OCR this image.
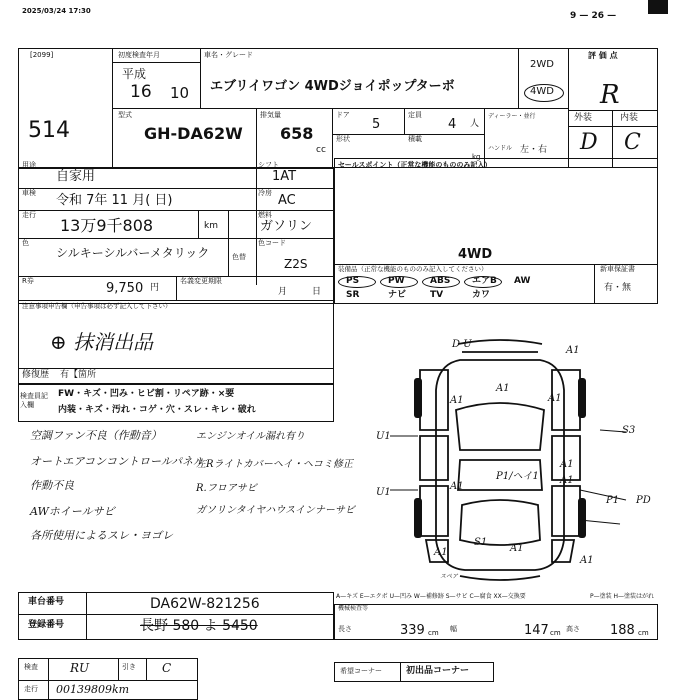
2025/03/24 17:30	9 — 26 —
[2099]
514
初度検査年月
平成
16 10
車名・グレード
エブリイワゴン 4WDジョイポップターボ
2WD
4WD
評 価 点
R
外装	内装
D C
型式
GH-DA62W
排気量
658
cc
ドア
5
定員
4 人
形状	積載
kg
ディーラー・並行
ハンドル 左・右
用途
自家用
シフト
1AT
車検 令和 7年 11 月( 日)	冷房 AC
走行
13万9千808	km
燃料
ガソリン
色
シルキーシルバーメタリック	色替
色コード
Z2S
R券	9,750 円
名義変更期限
月	日
セールスポイント（正常な機能のもののみ記入）
4WD
装備品（正常な機能のもののみ記入してください）	新車保証書
有・無
PS	PW	ABS エアB AW
SR	ナビ	TV	カワ
注意事項申告欄（申告事項は必ず記入して下さい）
⊕ 抹消出品
修復歴 有【箇所
検査員記入欄
FW・キズ・凹み・ヒビ割・リペア跡・×要
内装・キズ・汚れ・コゲ・穴・スレ・キレ・破れ
空調ファン不良（作動音）
オートエアコンコントロールパネル
作動不良
AWホイールサビ
各所使用によるスレ・ヨゴレ
エンジンオイル漏れ有り
左Rライトカバーヘイ・ヘコミ修正
R.フロアサビ
ガソリンタイヤハウスインナーサビ
D U
A1
A1
A1	A1
U1
S3
P1/ヘイ1
A1
A1
A1
U1
P1
S1
A1
A1
A1
PD
スペア
A—キズ E—エクボ U—凹み W—補修跡 S—サビ C—腐食 XX—交換要	P—塗装 H—塗装はがれ
車台番号	DA62W-821256
登録番号	長野 580 よ 5450
機械検査等
長さ	339 cm 幅	147 cm 高さ 188 cm
検査	RU	引き C
走行 00139809km
希望コーナー	初出品コーナー
